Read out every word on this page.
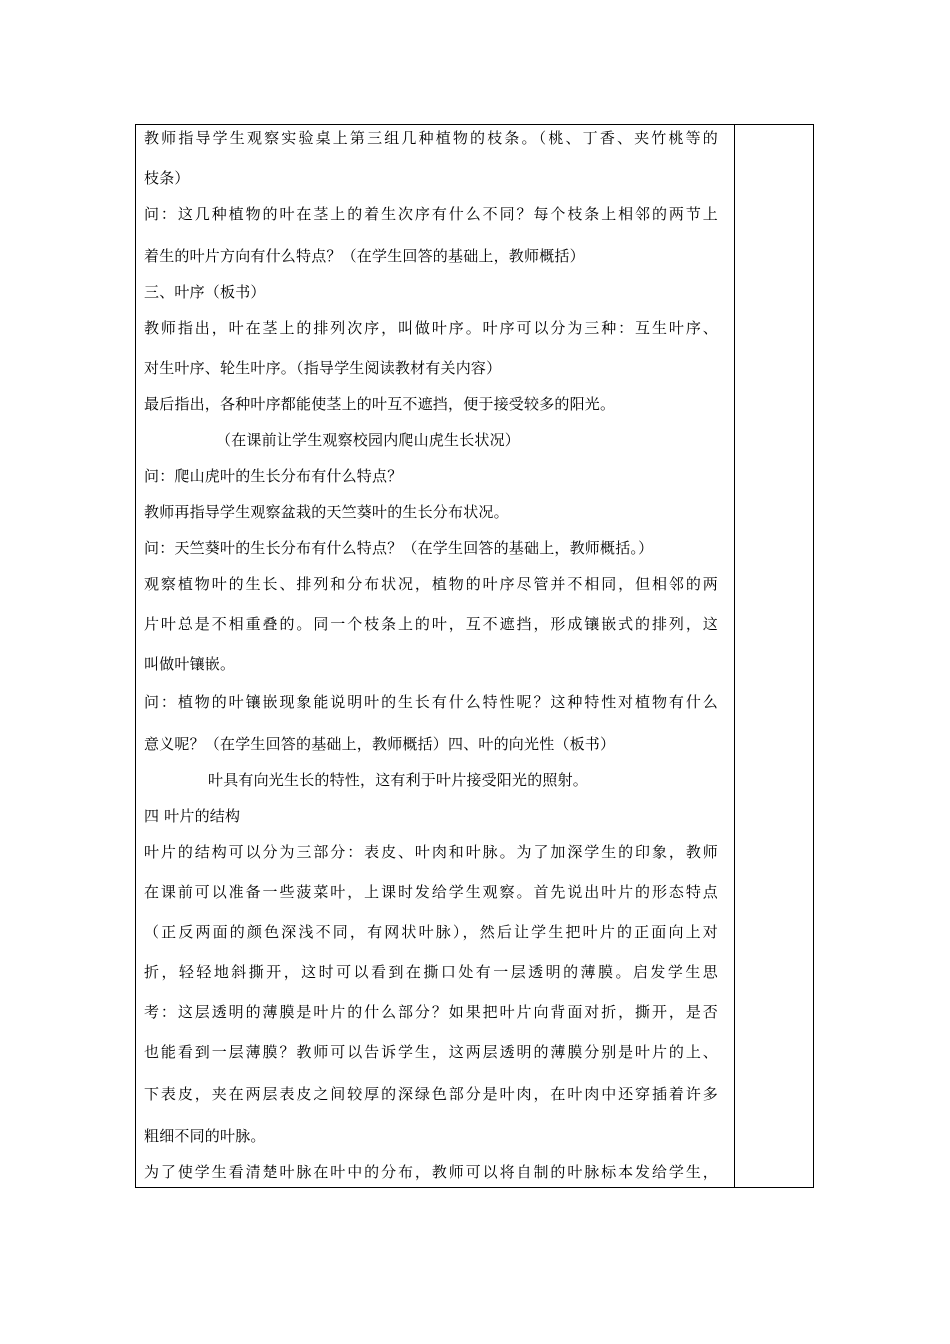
教师指导学生观察实验桌上第三组几种植物的枝条。（桃、丁香、夹竹桃等的
枝条）
问：这几种植物的叶在茎上的着生次序有什么不同？每个枝条上相邻的两节上
着生的叶片方向有什么特点？（在学生回答的基础上，教师概括）
三、叶序（板书）
教师指出，叶在茎上的排列次序，叫做叶序。叶序可以分为三种：互生叶序、
对生叶序、轮生叶序。（指导学生阅读教材有关内容）
最后指出，各种叶序都能使茎上的叶互不遮挡，便于接受较多的阳光。
（在课前让学生观察校园内爬山虎生长状况）
问：爬山虎叶的生长分布有什么特点？
教师再指导学生观察盆栽的天竺葵叶的生长分布状况。
问：天竺葵叶的生长分布有什么特点？（在学生回答的基础上，教师概括。）
观察植物叶的生长、排列和分布状况，植物的叶序尽管并不相同，但相邻的两
片叶总是不相重叠的。同一个枝条上的叶，互不遮挡，形成镶嵌式的排列，这
叫做叶镶嵌。
问：植物的叶镶嵌现象能说明叶的生长有什么特性呢？这种特性对植物有什么
意义呢？（在学生回答的基础上，教师概括）四、叶的向光性（板书）
叶具有向光生长的特性，这有利于叶片接受阳光的照射。
四 叶片的结构
叶片的结构可以分为三部分：表皮、叶肉和叶脉。为了加深学生的印象，教师
在课前可以准备一些菠菜叶，上课时发给学生观察。首先说出叶片的形态特点
（正反两面的颜色深浅不同，有网状叶脉），然后让学生把叶片的正面向上对
折，轻轻地斜撕开，这时可以看到在撕口处有一层透明的薄膜。启发学生思
考：这层透明的薄膜是叶片的什么部分？如果把叶片向背面对折，撕开，是否
也能看到一层薄膜？教师可以告诉学生，这两层透明的薄膜分别是叶片的上、
下表皮，夹在两层表皮之间较厚的深绿色部分是叶肉，在叶肉中还穿插着许多
粗细不同的叶脉。
为了使学生看清楚叶脉在叶中的分布，教师可以将自制的叶脉标本发给学生，
